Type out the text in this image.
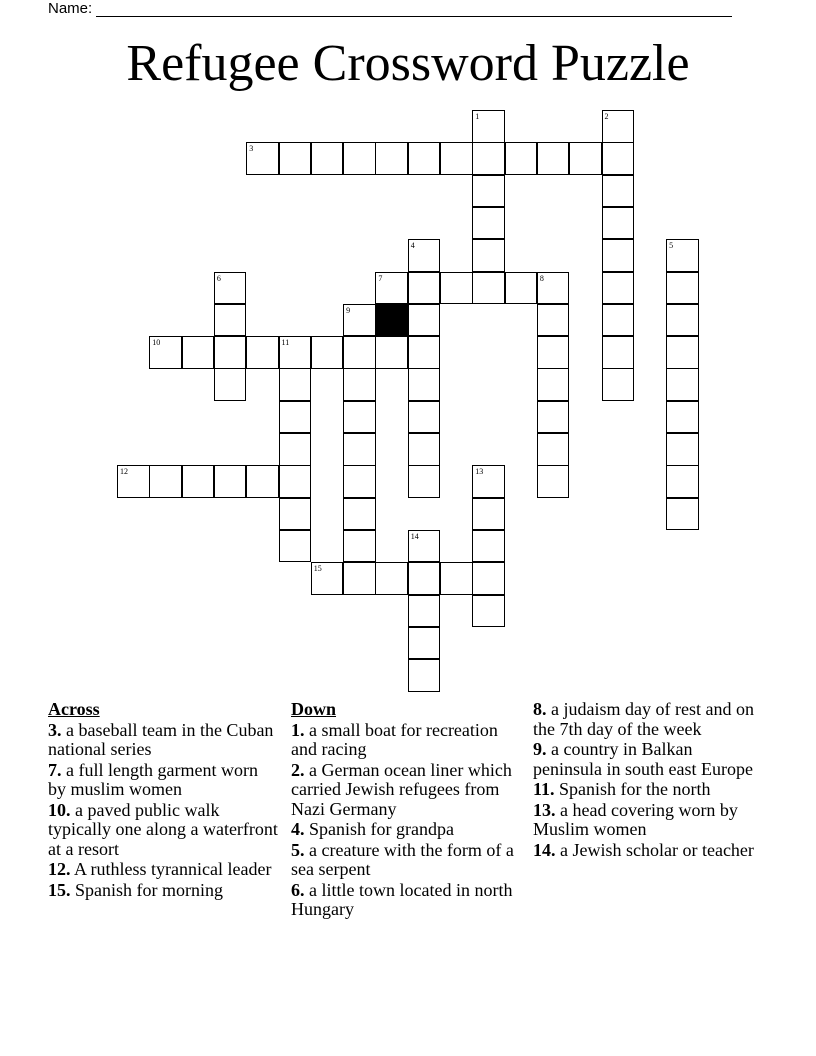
Name:
Refugee Crossword Puzzle
3
7	8
10	11
12
15
1	2
4	5
6
9
13
14
Across
3. a baseball team in the Cuban national series
7. a full length garment worn by muslim women
10. a paved public walk typically one along a waterfront at a resort
12. A ruthless tyrannical leader
15. Spanish for morning
Down
1. a small boat for recreation and racing
2. a German ocean liner which carried Jewish refugees from Nazi Germany
4. Spanish for grandpa
5. a creature with the form of a sea serpent
6. a little town located in north Hungary
8. a judaism day of rest and on the 7th day of the week
9. a country in Balkan peninsula in south east Europe
11. Spanish for the north
13. a head covering worn by Muslim women
14. a Jewish scholar or teacher
